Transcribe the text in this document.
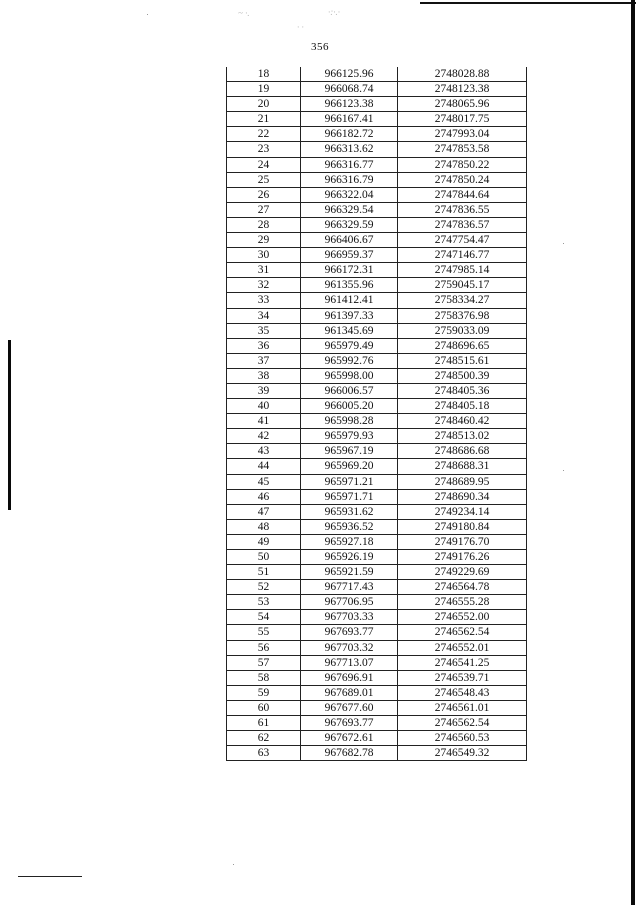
~ ·.	·:·.·
· ·
356
18	966125.96	2748028.88
19	966068.74	2748123.38
20	966123.38	2748065.96
21	966167.41	2748017.75
22	966182.72	2747993.04
23	966313.62	2747853.58
24	966316.77	2747850.22
25	966316.79	2747850.24
26	966322.04	2747844.64
27	966329.54	2747836.55
28	966329.59	2747836.57
29	966406.67	2747754.47
30	966959.37	2747146.77
31	966172.31	2747985.14
32	961355.96	2759045.17
33	961412.41	2758334.27
34	961397.33	2758376.98
35	961345.69	2759033.09
36	965979.49	2748696.65
37	965992.76	2748515.61
38	965998.00	2748500.39
39	966006.57	2748405.36
40	966005.20	2748405.18
41	965998.28	2748460.42
42	965979.93	2748513.02
43	965967.19	2748686.68
44	965969.20	2748688.31
45	965971.21	2748689.95
46	965971.71	2748690.34
47	965931.62	2749234.14
48	965936.52	2749180.84
49	965927.18	2749176.70
50	965926.19	2749176.26
51	965921.59	2749229.69
52	967717.43	2746564.78
53	967706.95	2746555.28
54	967703.33	2746552.00
55	967693.77	2746562.54
56	967703.32	2746552.01
57	967713.07	2746541.25
58	967696.91	2746539.71
59	967689.01	2746548.43
60	967677.60	2746561.01
61	967693.77	2746562.54
62	967672.61	2746560.53
63	967682.78	2746549.32
